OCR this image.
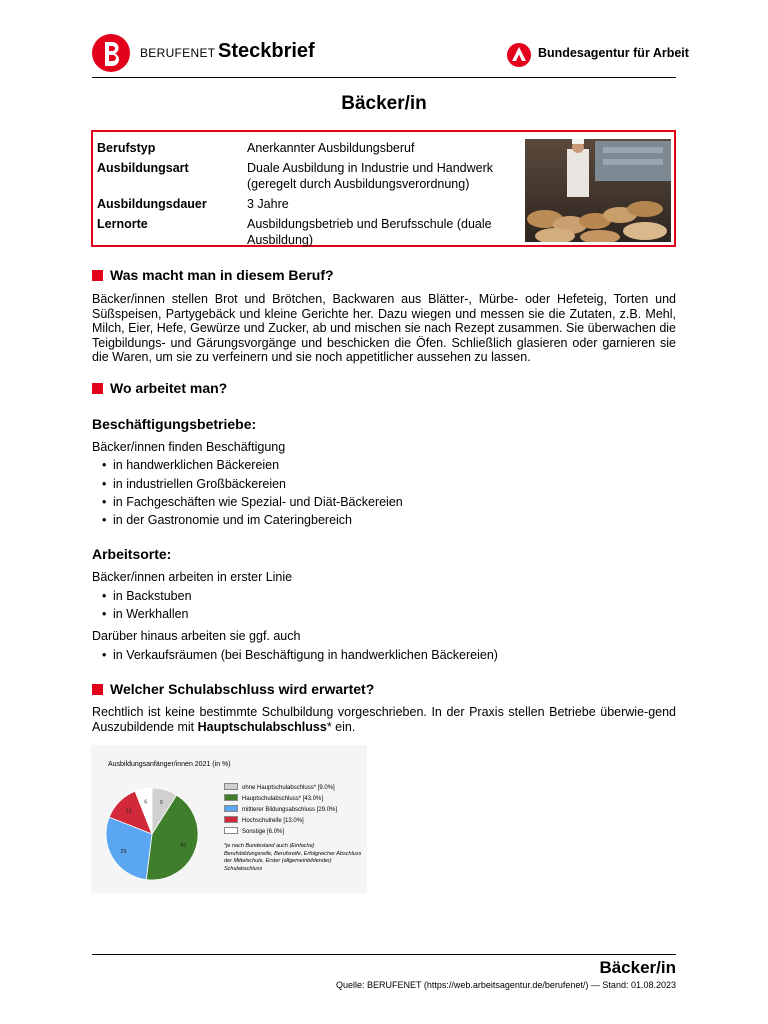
BERUFENET Steckbrief	Bundesagentur für Arbeit
Bäcker/in
Berufstyp	Anerkannter Ausbildungsberuf
Ausbildungsart	Duale Ausbildung in Industrie und Handwerk (geregelt durch Ausbildungsverordnung)
Ausbildungsdauer	3 Jahre
Lernorte	Ausbildungsbetrieb und Berufsschule (duale Ausbildung)
Was macht man in diesem Beruf?
Bäcker/innen stellen Brot und Brötchen, Backwaren aus Blätter-, Mürbe- oder Hefeteig, Torten und Süßspeisen, Partygebäck und kleine Gerichte her. Dazu wiegen und messen sie die Zutaten, z.B. Mehl, Milch, Eier, Hefe, Gewürze und Zucker, ab und mischen sie nach Rezept zusammen. Sie überwachen die Teigbildungs- und Gärungsvorgänge und beschicken die Öfen. Schließlich glasieren oder garnieren sie die Waren, um sie zu verfeinern und sie noch appetitlicher aussehen zu lassen.
Wo arbeitet man?
Beschäftigungsbetriebe:
Bäcker/innen finden Beschäftigung
• in handwerklichen Bäckereien
• in industriellen Großbäckereien
• in Fachgeschäften wie Spezial- und Diät-Bäckereien
• in der Gastronomie und im Cateringbereich
Arbeitsorte:
Bäcker/innen arbeiten in erster Linie
• in Backstuben
• in Werkhallen
Darüber hinaus arbeiten sie ggf. auch
• in Verkaufsräumen (bei Beschäftigung in handwerklichen Bäckereien)
Welcher Schulabschluss wird erwartet?
Rechtlich ist keine bestimmte Schulbildung vorgeschrieben. In der Praxis stellen Betriebe überwie-gend Auszubildende mit Hauptschulabschluss* ein.
Ausbildungsanfänger/innen 2021 (in %)
9
43
29
13
6
ohne Hauptschulabschluss* [9.0%]
Hauptschulabschluss* [43.0%]
mittlerer Bildungsabschluss [29.0%]
Hochschulreife [13.0%]
Sonstige [6.0%]
*je nach Bundesland auch (Einfache) Berufsbildungsreife, Berufsreife, Erfolgreicher Abschluss der Mittelschule, Erster (allgemeinbildender) Schulabschluss
Bäcker/in
Quelle: BERUFENET (https://web.arbeitsagentur.de/berufenet/) — Stand: 01.08.2023
